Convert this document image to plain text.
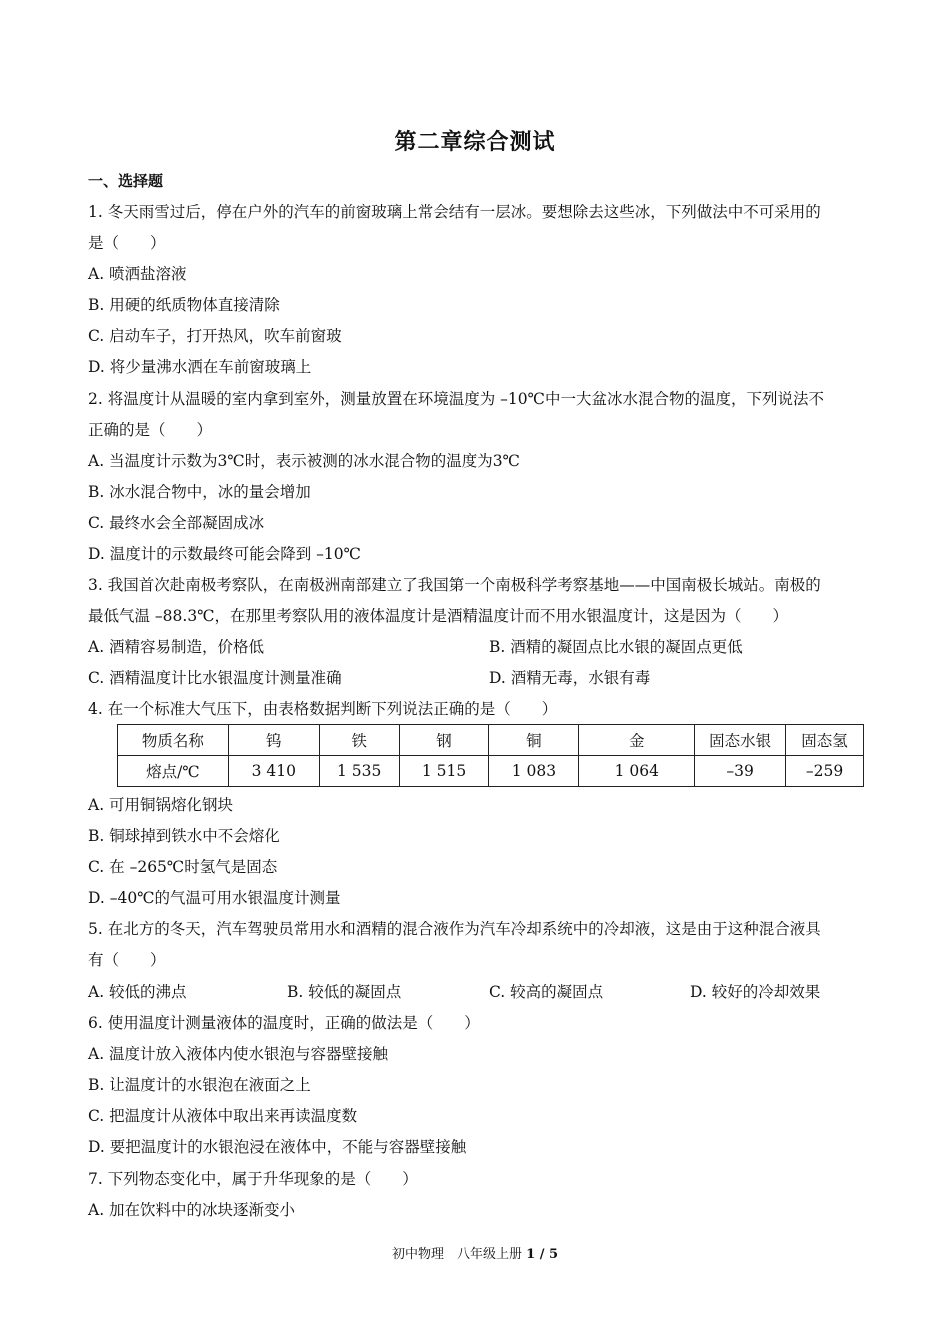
第二章综合测试
一、选择题
1. 冬天雨雪过后，停在户外的汽车的前窗玻璃上常会结有一层冰。要想除去这些冰，下列做法中不可采用的
是（　　）
A. 喷洒盐溶液
B. 用硬的纸质物体直接清除
C. 启动车子，打开热风，吹车前窗玻
D. 将少量沸水洒在车前窗玻璃上
2. 将温度计从温暖的室内拿到室外，测量放置在环境温度为 –10℃中一大盆冰水混合物的温度，下列说法不
正确的是（　　）
A. 当温度计示数为3℃时，表示被测的冰水混合物的温度为3℃
B. 冰水混合物中，冰的量会增加
C. 最终水会全部凝固成冰
D. 温度计的示数最终可能会降到 –10℃
3. 我国首次赴南极考察队，在南极洲南部建立了我国第一个南极科学考察基地——中国南极长城站。南极的
最低气温 –88.3℃，在那里考察队用的液体温度计是酒精温度计而不用水银温度计，这是因为（　　）
A. 酒精容易制造，价格低	B. 酒精的凝固点比水银的凝固点更低
C. 酒精温度计比水银温度计测量准确	D. 酒精无毒，水银有毒
4. 在一个标准大气压下，由表格数据判断下列说法正确的是（　　）
物质名称	钨	铁	钢	铜	金	固态水银	固态氢
熔点/℃	3 410	1 535	1 515	1 083	1 064	–39	–259
A. 可用铜锅熔化钢块
B. 铜球掉到铁水中不会熔化
C. 在 –265℃时氢气是固态
D. –40℃的气温可用水银温度计测量
5. 在北方的冬天，汽车驾驶员常用水和酒精的混合液作为汽车冷却系统中的冷却液，这是由于这种混合液具
有（　　）
A. 较低的沸点	B. 较低的凝固点	C. 较高的凝固点	D. 较好的冷却效果
6. 使用温度计测量液体的温度时，正确的做法是（　　）
A. 温度计放入液体内使水银泡与容器壁接触
B. 让温度计的水银泡在液面之上
C. 把温度计从液体中取出来再读温度数
D. 要把温度计的水银泡浸在液体中，不能与容器壁接触
7. 下列物态变化中，属于升华现象的是（　　）
A. 加在饮料中的冰块逐渐变小
初中物理　八年级上册 1 / 5
